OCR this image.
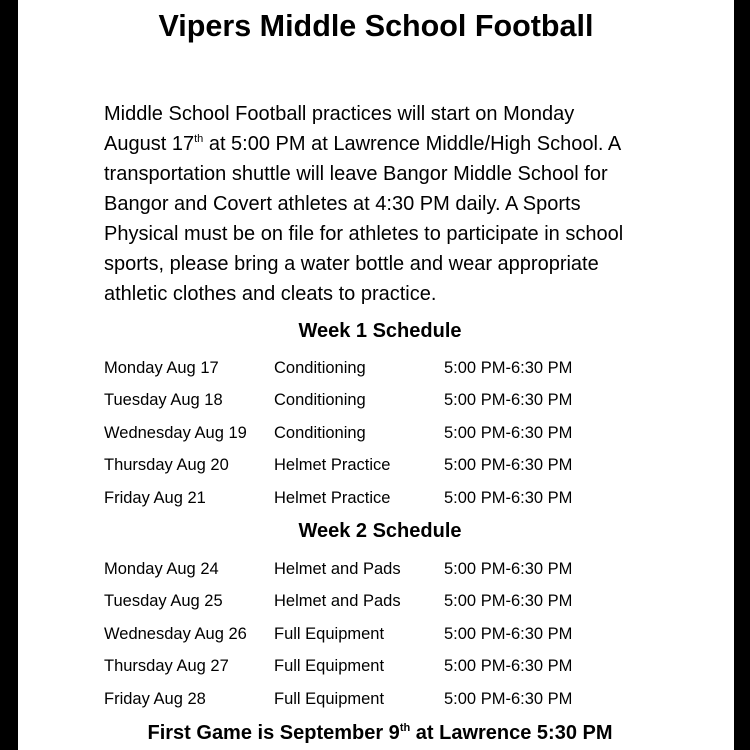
Vipers Middle School Football
Middle School Football practices will start on Monday
August 17th at 5:00 PM at Lawrence Middle/High School. A
transportation shuttle will leave Bangor Middle School for
Bangor and Covert athletes at 4:30 PM daily. A Sports
Physical must be on file for athletes to participate in school
sports, please bring a water bottle and wear appropriate
athletic clothes and cleats to practice.
Week 1 Schedule
Monday Aug 17	Conditioning	5:00 PM-6:30 PM
Tuesday Aug 18	Conditioning	5:00 PM-6:30 PM
Wednesday Aug 19 Conditioning	5:00 PM-6:30 PM
Thursday Aug 20	Helmet Practice	5:00 PM-6:30 PM
Friday Aug 21	Helmet Practice	5:00 PM-6:30 PM
Week 2 Schedule
Monday Aug 24	Helmet and Pads	5:00 PM-6:30 PM
Tuesday Aug 25	Helmet and Pads	5:00 PM-6:30 PM
Wednesday Aug 26 Full Equipment	5:00 PM-6:30 PM
Thursday Aug 27	Full Equipment	5:00 PM-6:30 PM
Friday Aug 28	Full Equipment	5:00 PM-6:30 PM
First Game is September 9th at Lawrence 5:30 PM
